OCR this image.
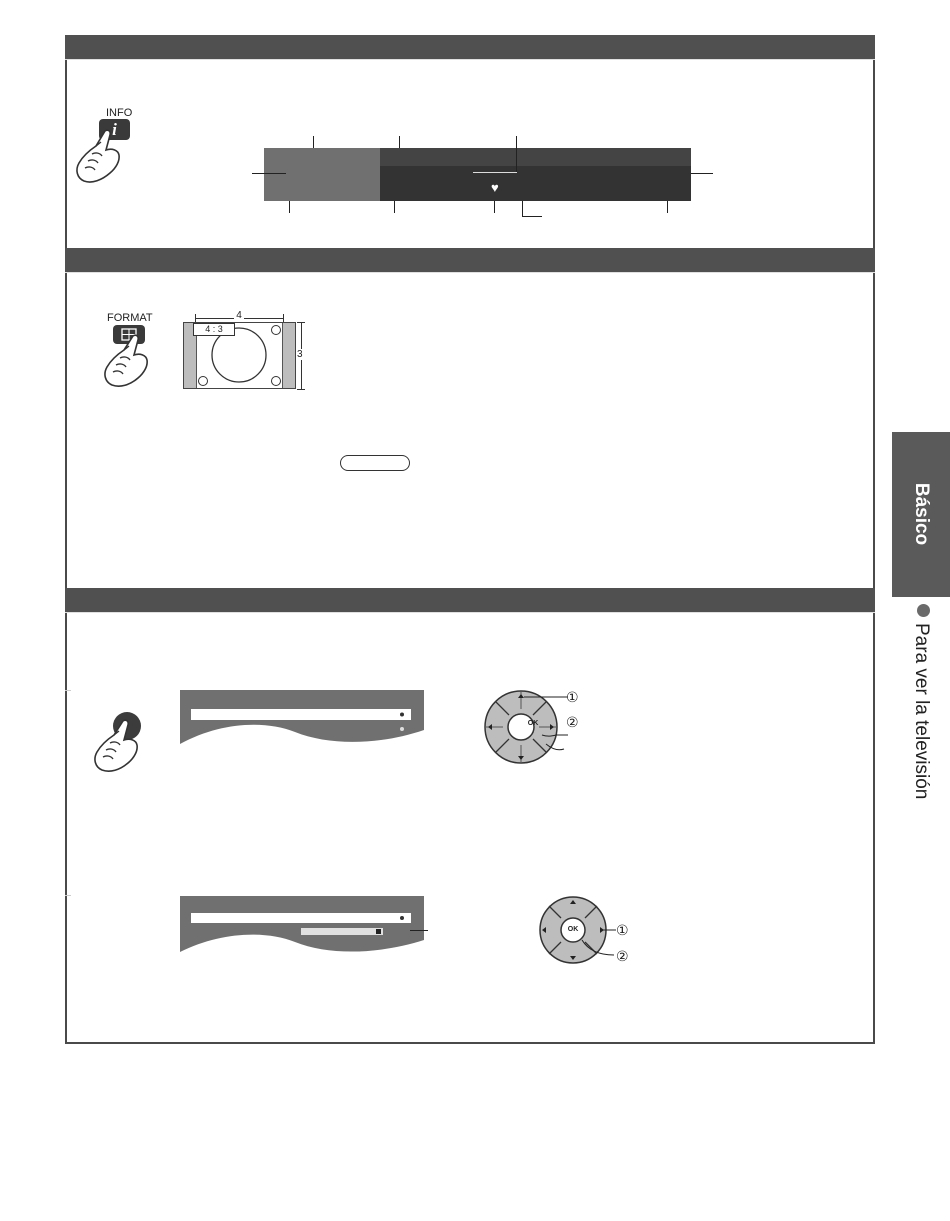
INFO
i
♥
FORMAT	4
4 : 3
3
OK
①
②
OK	①
②
Básico
Para ver la televisión
